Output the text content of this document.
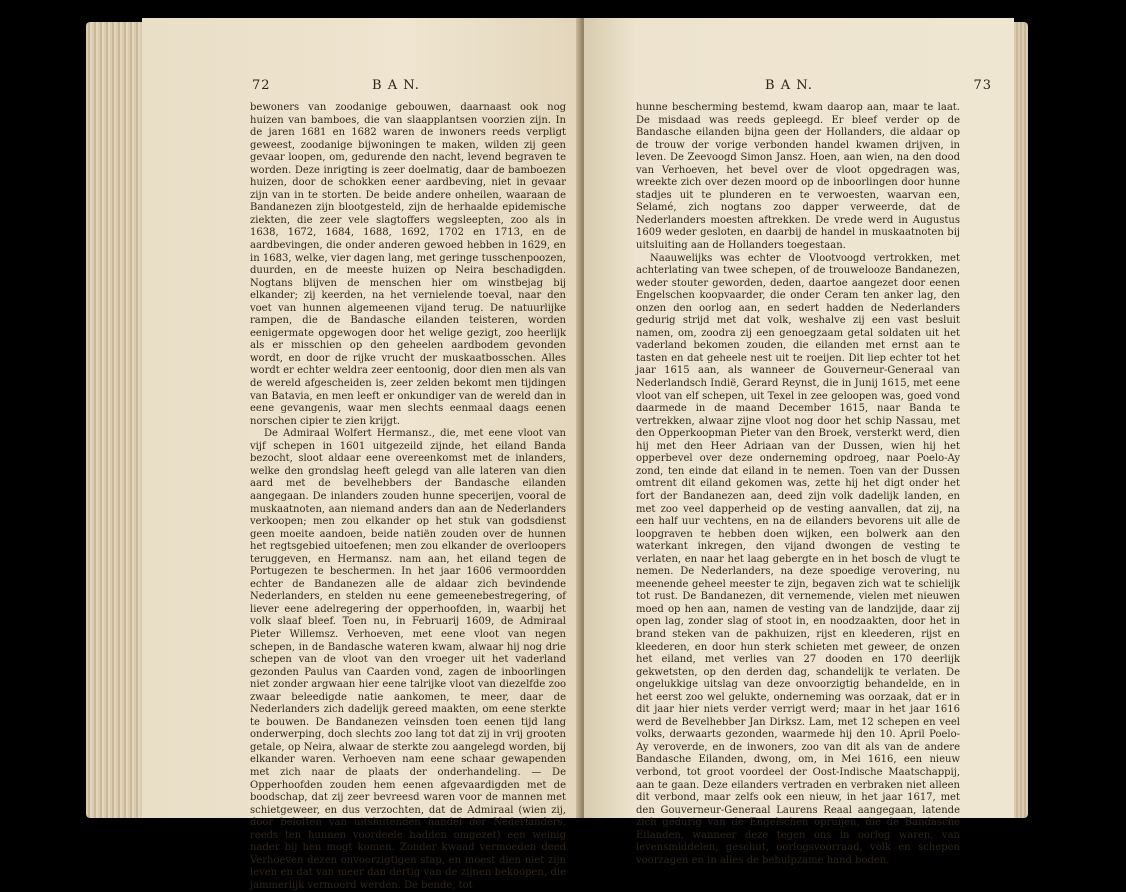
72	B A N.

bewoners van zoodanige gebouwen, daarnaast ook nog huizen van bamboes, die van slaapplantsen voorzien zijn. In de jaren 1681 en 1682 waren de inwoners reeds verpligt geweest, zoodanige bijwoningen te maken, wilden zij geen gevaar loopen, om, gedurende den nacht, levend begraven te worden. Deze inrigting is zeer doelmatig, daar de bamboezen huizen, door de schokken eener aardbeving, niet in gevaar zijn van in te storten. De beide andere onheilen, waaraan de Bandanezen zijn blootgesteld, zijn de herhaalde epidemische ziekten, die zeer vele slagtoffers wegsleepten, zoo als in 1638, 1672, 1684, 1688, 1692, 1702 en 1713, en de aardbevingen, die onder anderen gewoed hebben in 1629, en in 1683, welke, vier dagen lang, met geringe tusschenpoozen, duurden, en de meeste huizen op Neira beschadigden. Nogtans blijven de menschen hier om winstbejag bij elkander; zij keerden, na het vernielende toeval, naar den voet van hunnen algemeenen vijand terug. De natuurlijke rampen, die de Bandasche eilanden teisteren, worden eenigermate opgewogen door het welige gezigt, zoo heerlijk als er misschien op den geheelen aardbodem gevonden wordt, en door de rijke vrucht der muskaatbosschen. Alles wordt er echter weldra zeer eentoonig, door dien men als van de wereld afgescheiden is, zeer zelden bekomt men tijdingen van Batavia, en men leeft er onkundiger van de wereld dan in eene gevangenis, waar men slechts eenmaal daags eenen norschen cipier te zien krijgt.

De Admiraal Wolfert Hermansz., die, met eene vloot van vijf schepen in 1601 uitgezeild zijnde, het eiland Banda bezocht, sloot aldaar eene overeenkomst met de inlanders, welke den grondslag heeft gelegd van alle lateren van dien aard met de bevelhebbers der Bandasche eilanden aangegaan. De inlanders zouden hunne specerijen, vooral de muskaatnoten, aan niemand anders dan aan de Nederlanders verkoopen; men zou elkander op het stuk van godsdienst geen moeite aandoen, beide natiën zouden over de hunnen het regtsgebied uitoefenen; men zou elkander de overloopers teruggeven, en Hermansz. nam aan, het eiland tegen de Portugezen te beschermen. In het jaar 1606 vermoordden echter de Bandanezen alle de aldaar zich bevindende Nederlanders, en stelden nu eene gemeenebestregering, of liever eene adelregering der opperhoofden, in, waarbij het volk slaaf bleef. Toen nu, in Februarij 1609, de Admiraal Pieter Willemsz. Verhoeven, met eene vloot van negen schepen, in de Bandasche wateren kwam, alwaar hij nog drie schepen van de vloot van den vroeger uit het vaderland gezonden Paulus van Caarden vond, zagen de inboorlingen niet zonder argwaan hier eene talrijke vloot van diezelfde zoo zwaar beleedigde natie aankomen, te meer, daar de Nederlanders zich dadelijk gereed maakten, om eene sterkte te bouwen. De Bandanezen veinsden toen eenen tijd lang onderwerping, doch slechts zoo lang tot dat zij in vrij grooten getale, op Neira, alwaar de sterkte zou aangelegd worden, bij elkander waren. Verhoeven nam eene schaar gewapenden met zich naar de plaats der onderhandeling. — De Opperhoofden zouden hem eenen afgevaardigden met de boodschap, dat zij zeer bevreesd waren voor de mannen met schietgeweer, en dus verzochten, dat de Admiraal (wien zij, door beloften van uitsluitenden handel der Nederlanders, reeds ten hunnen voordeele hadden omgezet) een weinig nader bij hen mogt komen. Zonder kwaad vermoeden deed Verhoeven dezen onvoorzigtigen stap, en moest dien niet zijn leven en dat van meer dan dertig van de zijnen bekoopen, die jammerlijk vermoord werden. De bende, tot

B A N.	73

hunne bescherming bestemd, kwam daarop aan, maar te laat. De misdaad was reeds gepleegd. Er bleef verder op de Bandasche eilanden bijna geen der Hollanders, die aldaar op de trouw der vorige verbonden handel kwamen drijven, in leven. De Zeevoogd Simon Jansz. Hoen, aan wien, na den dood van Verhoeven, het bevel over de vloot opgedragen was, wreekte zich over dezen moord op de inboorlingen door hunne stadjes uit te plunderen en te verwoesten, waarvan een, Selamé, zich nogtans zoo dapper verweerde, dat de Nederlanders moesten aftrekken. De vrede werd in Augustus 1609 weder gesloten, en daarbij de handel in muskaatnoten bij uitsluiting aan de Hollanders toegestaan.

Naauwelijks was echter de Vlootvoogd vertrokken, met achterlating van twee schepen, of de trouwelooze Bandanezen, weder stouter geworden, deden, daartoe aangezet door eenen Engelschen koopvaarder, die onder Ceram ten anker lag, den onzen den oorlog aan, en sedert hadden de Nederlanders gedurig strijd met dat volk, weshalve zij een vast besluit namen, om, zoodra zij een genoegzaam getal soldaten uit het vaderland bekomen zouden, die eilanden met ernst aan te tasten en dat geheele nest uit te roeijen. Dit liep echter tot het jaar 1615 aan, als wanneer de Gouverneur-Generaal van Nederlandsch Indië, Gerard Reynst, die in Junij 1615, met eene vloot van elf schepen, uit Texel in zee geloopen was, goed vond daarmede in de maand December 1615, naar Banda te vertrekken, alwaar zijne vloot nog door het schip Nassau, met den Opperkoopman Pieter van den Broek, versterkt werd, dien hij met den Heer Adriaan van der Dussen, wien hij het opperbevel over deze onderneming opdroeg, naar Poelo-Ay zond, ten einde dat eiland in te nemen. Toen van der Dussen omtrent dit eiland gekomen was, zette hij het digt onder het fort der Bandanezen aan, deed zijn volk dadelijk landen, en met zoo veel dapperheid op de vesting aanvallen, dat zij, na een half uur vechtens, en na de eilanders bevorens uit alle de loopgraven te hebben doen wijken, een bolwerk aan den waterkant inkregen, den vijand dwongen de vesting te verlaten, en naar het laag gebergte en in het bosch de vlugt te nemen. De Nederlanders, na deze spoedige verovering, nu meenende geheel meester te zijn, begaven zich wat te schielijk tot rust. De Bandanezen, dit vernemende, vielen met nieuwen moed op hen aan, namen de vesting van de landzijde, daar zij open lag, zonder slag of stoot in, en noodzaakten, door het in brand steken van de pakhuizen, rijst en kleederen, rijst en kleederen, en door hun sterk schieten met geweer, de onzen het eiland, met verlies van 27 dooden en 170 deerlijk gekwetsten, op den derden dag, schandelijk te verlaten. De ongelukkige uitslag van deze onvoorzigtig behandelde, en in het eerst zoo wel gelukte, onderneming was oorzaak, dat er in dit jaar hier niets verder verrigt werd; maar in het jaar 1616 werd de Bevelhebber Jan Dirksz. Lam, met 12 schepen en veel volks, derwaarts gezonden, waarmede hij den 10. April Poelo-Ay veroverde, en de inwoners, zoo van dit als van de andere Bandasche Eilanden, dwong, om, in Mei 1616, een nieuw verbond, tot groot voordeel der Oost-Indische Maatschappij, aan te gaan. Deze eilanders vertraden en verbraken niet alleen dit verbond, maar zelfs ook een nieuw, in het jaar 1617, met den Gouverneur-Generaal Laurens Reaal aangegaan, latende zich gedurig van de Engelschen opruijen, die de Bandasche Eilanden, wanneer deze tegen ons in oorlog waren, van levensmiddelen, geschut, oorlogsvoorraad, volk en schepen voorzagen en in alles de behulpzame hand boden.
